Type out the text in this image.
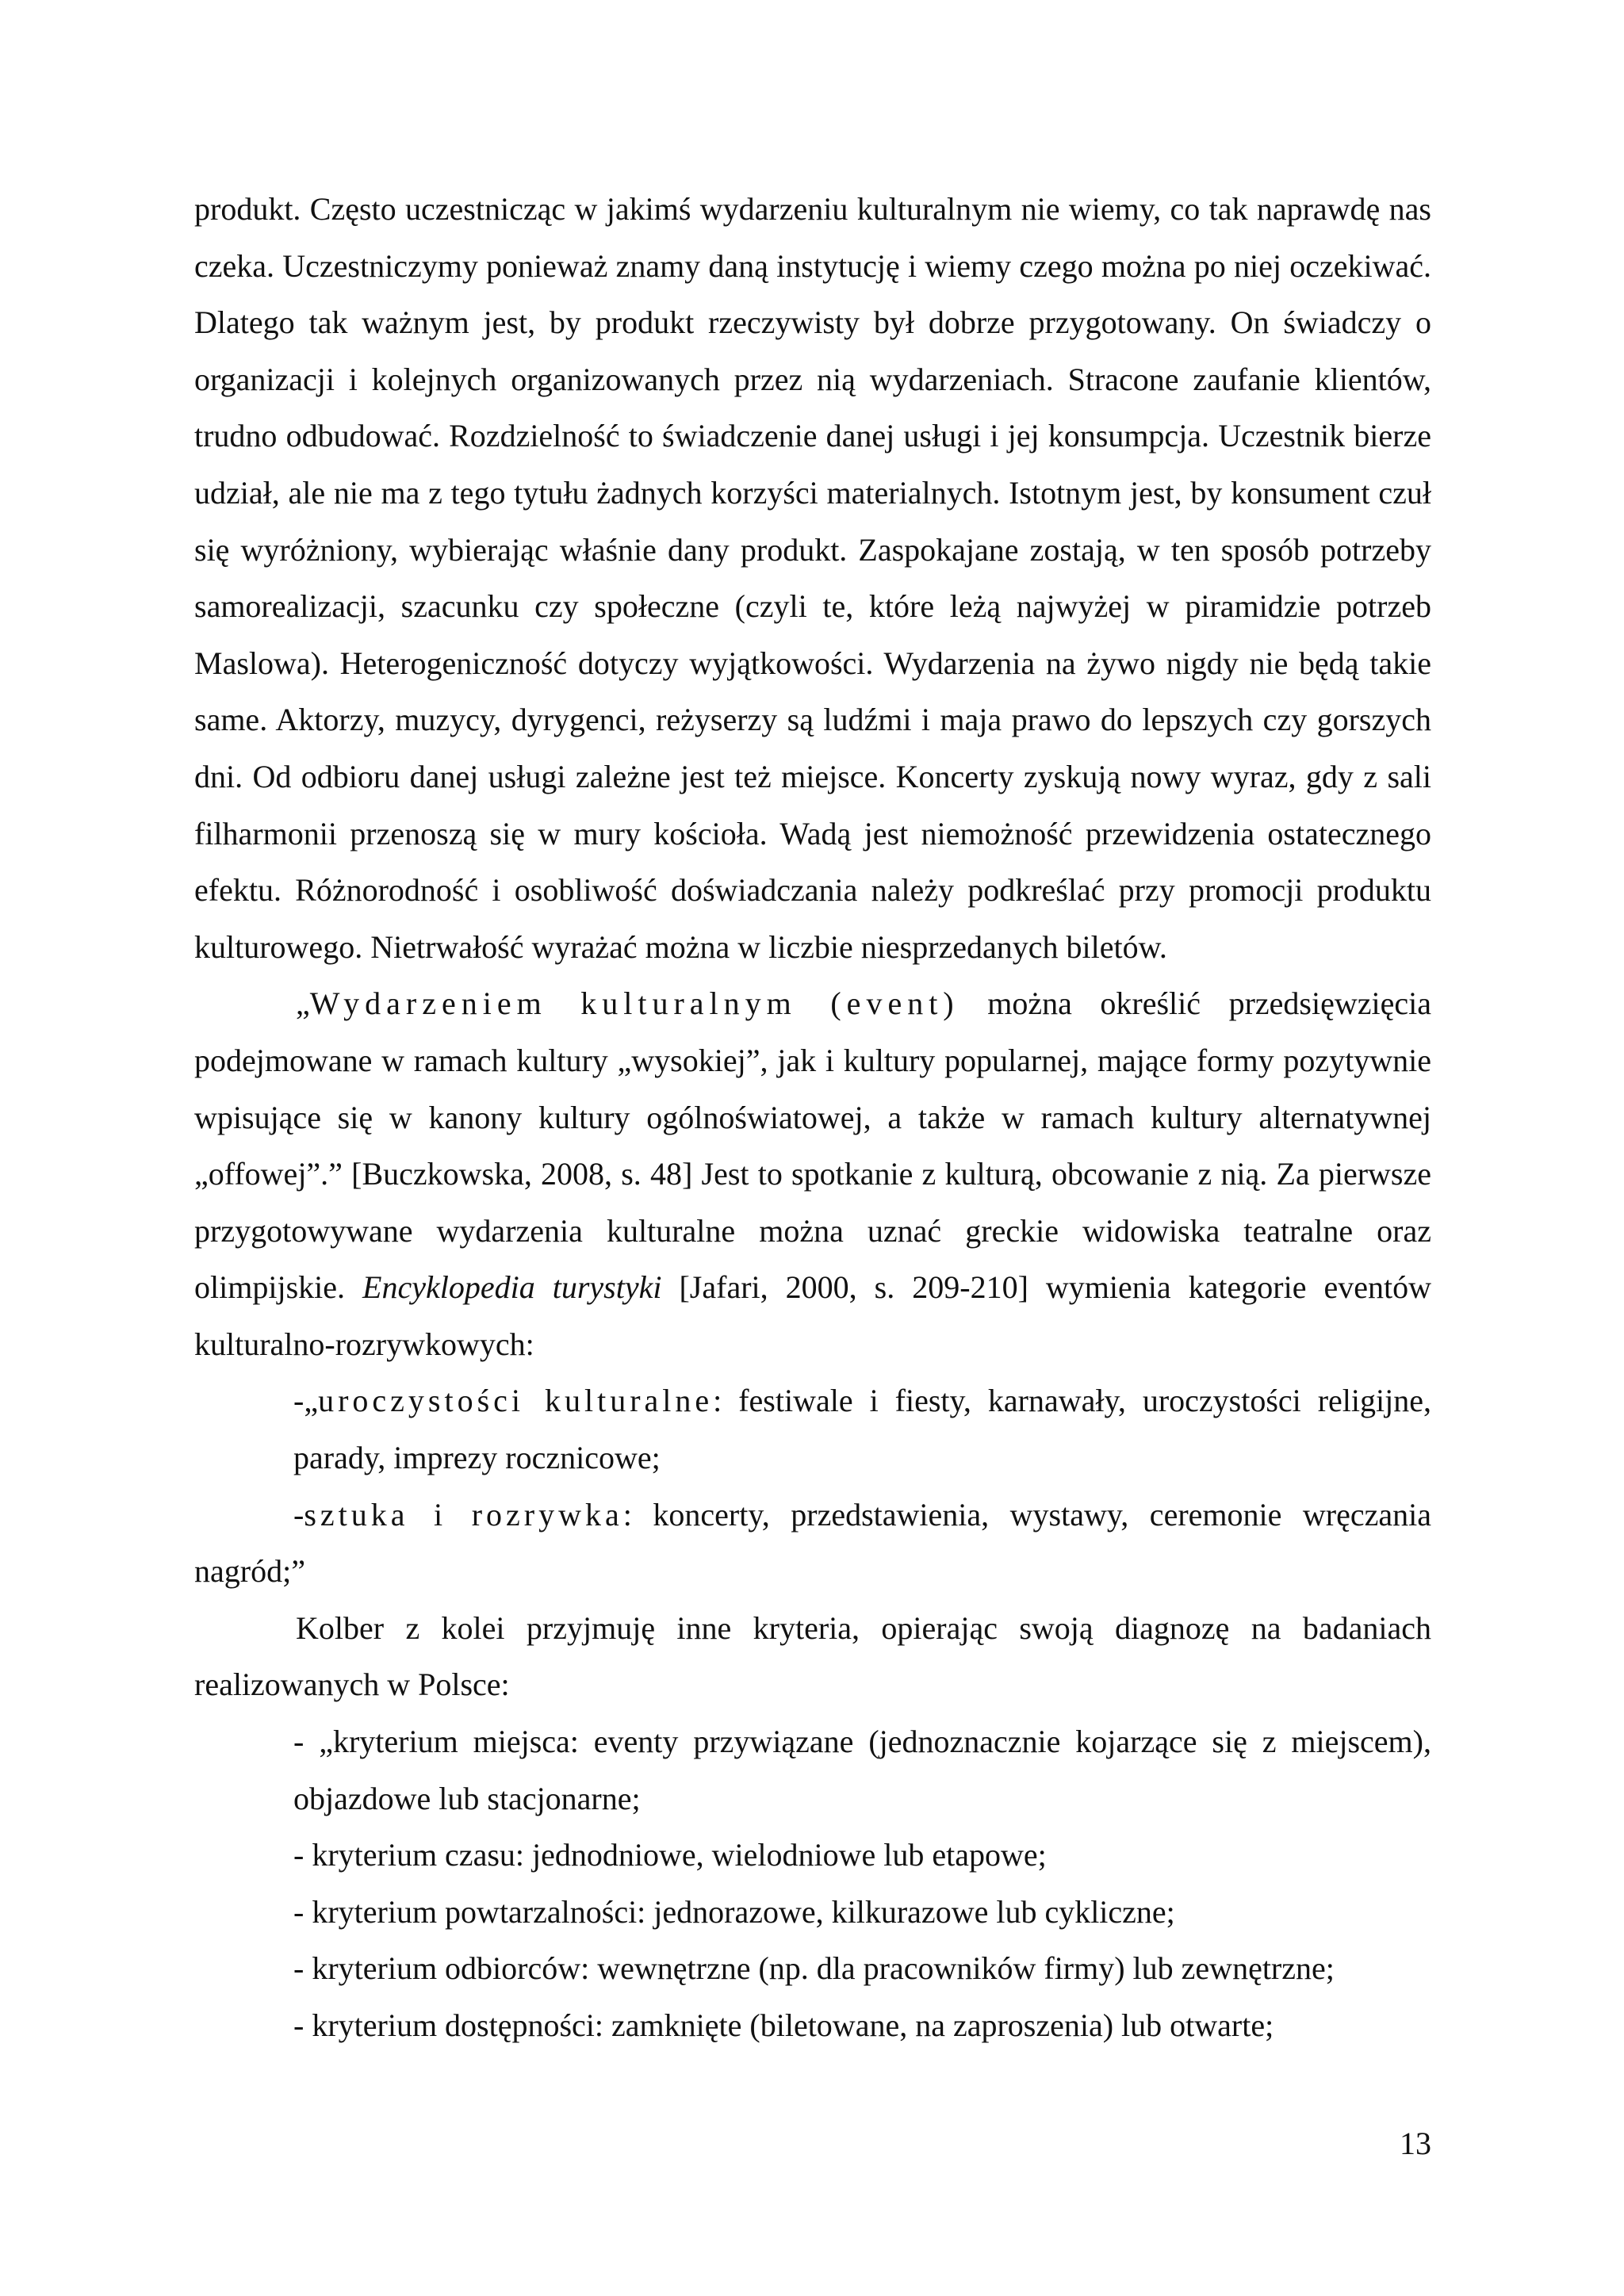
produkt. Często uczestnicząc w jakimś wydarzeniu kulturalnym nie wiemy, co tak naprawdę nas czeka. Uczestniczymy ponieważ znamy daną instytucję i wiemy czego można po niej oczekiwać. Dlatego tak ważnym jest, by produkt rzeczywisty był dobrze przygotowany. On świadczy o organizacji i kolejnych organizowanych przez nią wydarzeniach. Stracone zaufanie klientów, trudno odbudować. Rozdzielność to świadczenie danej usługi i jej konsumpcja. Uczestnik bierze udział, ale nie ma z tego tytułu żadnych korzyści materialnych. Istotnym jest, by konsument czuł się wyróżniony, wybierając właśnie dany produkt. Zaspokajane zostają, w ten sposób potrzeby samorealizacji, szacunku czy społeczne (czyli te, które leżą najwyżej w piramidzie potrzeb Maslowa). Heterogeniczność dotyczy wyjątkowości. Wydarzenia na żywo nigdy nie będą takie same. Aktorzy, muzycy, dyrygenci, reżyserzy są ludźmi i maja prawo do lepszych czy gorszych dni. Od odbioru danej usługi zależne jest też miejsce. Koncerty zyskują nowy wyraz, gdy z sali filharmonii przenoszą się w mury kościoła. Wadą jest niemożność przewidzenia ostatecznego efektu. Różnorodność i osobliwość doświadczania należy podkreślać przy promocji produktu kulturowego. Nietrwałość wyrażać można w liczbie niesprzedanych biletów.

„Wydarzeniem kulturalnym (event) można określić przedsięwzięcia podejmowane w ramach kultury „wysokiej”, jak i kultury popularnej, mające formy pozytywnie wpisujące się w kanony kultury ogólnoświatowej, a także w ramach kultury alternatywnej „offowej”.” [Buczkowska, 2008, s. 48] Jest to spotkanie z kulturą, obcowanie z nią. Za pierwsze przygotowywane wydarzenia kulturalne można uznać greckie widowiska teatralne oraz olimpijskie. Encyklopedia turystyki [Jafari, 2000, s. 209-210] wymienia kategorie eventów kulturalno-rozrywkowych:

-„uroczystości kulturalne: festiwale i fiesty, karnawały, uroczystości religijne, parady, imprezy rocznicowe;

-sztuka i rozrywka: koncerty, przedstawienia, wystawy, ceremonie wręczania

nagród;”

Kolber z kolei przyjmuję inne kryteria, opierając swoją diagnozę na badaniach realizowanych w Polsce:

- „kryterium miejsca: eventy przywiązane (jednoznacznie kojarzące się z miejscem), objazdowe lub stacjonarne;

- kryterium czasu: jednodniowe, wielodniowe lub etapowe;

- kryterium powtarzalności: jednorazowe, kilkurazowe lub cykliczne;

- kryterium odbiorców: wewnętrzne (np. dla pracowników firmy) lub zewnętrzne;

- kryterium dostępności: zamknięte (biletowane, na zaproszenia) lub otwarte;

13
